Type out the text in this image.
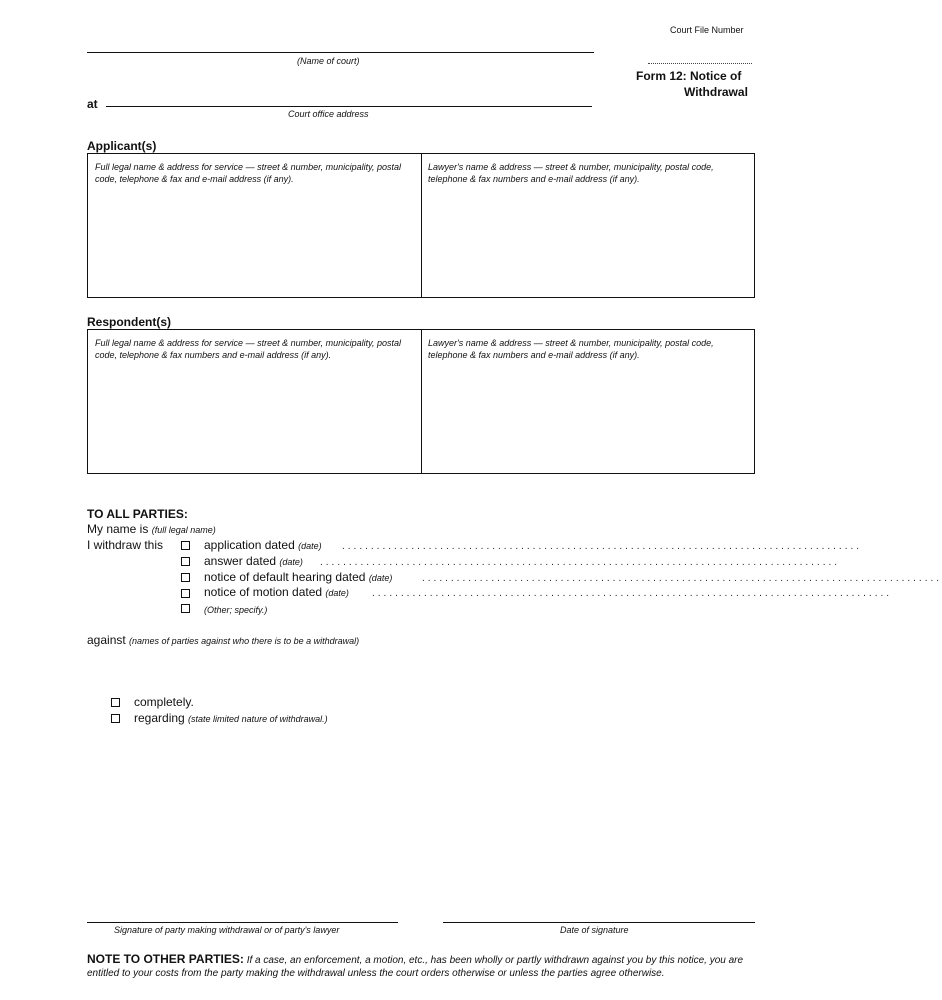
Court File Number
(Name of court)
Form 12: Notice of
Withdrawal
at
Court office address
Applicant(s)
Full legal name & address for service — street & number, municipality, postal code, telephone & fax and e-mail address (if any).
Lawyer's name & address — street & number, municipality, postal code, telephone & fax numbers and e-mail address (if any).
Respondent(s)
Full legal name & address for service — street & number, municipality, postal code, telephone & fax numbers and e-mail address (if any).
Lawyer's name & address — street & number, municipality, postal code, telephone & fax numbers and e-mail address (if any).
TO ALL PARTIES:
My name is (full legal name)
I withdraw this	application dated (date) ..........................................................................................
answer dated (date) ..........................................................................................
notice of default hearing dated (date)	..........................................................................................
notice of motion dated (date) ..........................................................................................
(Other; specify.)
against (names of parties against who there is to be a withdrawal)
completely.
regarding (state limited nature of withdrawal.)
Signature of party making withdrawal or of party's lawyer	Date of signature
NOTE TO OTHER PARTIES: If a case, an enforcement, a motion, etc., has been wholly or partly withdrawn against you by this notice, you are entitled to your costs from the party making the withdrawal unless the court orders otherwise or unless the parties agree otherwise.
